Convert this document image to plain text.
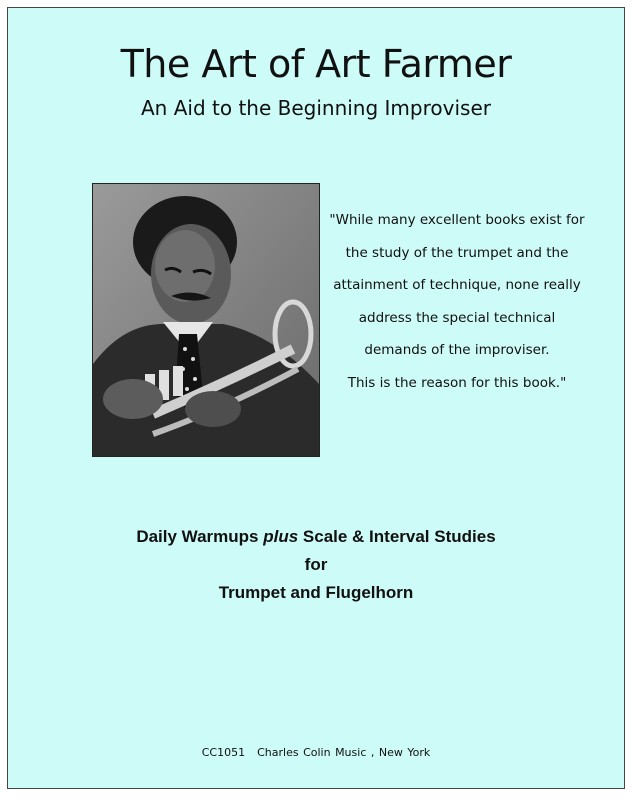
The Art of Art Farmer
An Aid to the Beginning Improviser
"While many excellent books exist for
the study of the trumpet and the
attainment of technique, none really
address the special technical
demands of the improviser.
This is the reason for this book."
Daily Warmups plus Scale & Interval Studies
for
Trumpet and Flugelhorn
CC1051 Charles Colin Music , New York
